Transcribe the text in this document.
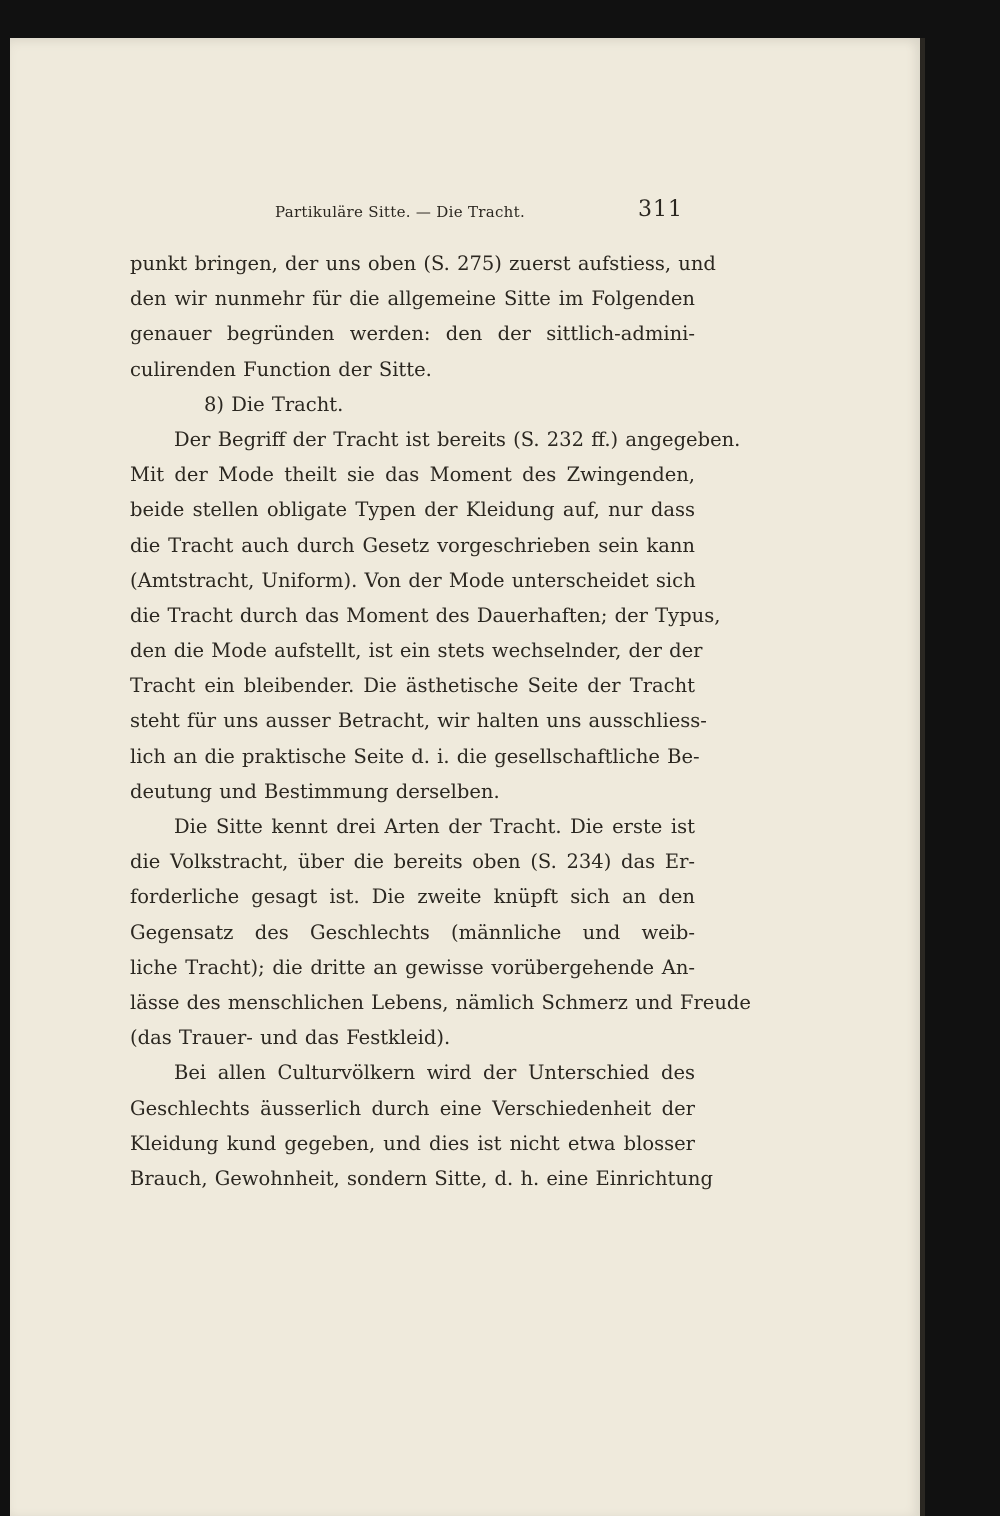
Partikuläre Sitte. — Die Tracht.	311
punkt bringen, der uns oben (S. 275) zuerst aufstiess, und
den wir nunmehr für die allgemeine Sitte im Folgenden
genauer begründen werden: den der sittlich-admini-
culirenden Function der Sitte.
8) Die Tracht.
Der Begriff der Tracht ist bereits (S. 232 ff.) angegeben.
Mit der Mode theilt sie das Moment des Zwingenden,
beide stellen obligate Typen der Kleidung auf, nur dass
die Tracht auch durch Gesetz vorgeschrieben sein kann
(Amtstracht, Uniform). Von der Mode unterscheidet sich
die Tracht durch das Moment des Dauerhaften; der Typus,
den die Mode aufstellt, ist ein stets wechselnder, der der
Tracht ein bleibender. Die ästhetische Seite der Tracht
steht für uns ausser Betracht, wir halten uns ausschliess-
lich an die praktische Seite d. i. die gesellschaftliche Be-
deutung und Bestimmung derselben.
Die Sitte kennt drei Arten der Tracht. Die erste ist
die Volkstracht, über die bereits oben (S. 234) das Er-
forderliche gesagt ist. Die zweite knüpft sich an den
Gegensatz des Geschlechts (männliche und weib-
liche Tracht); die dritte an gewisse vorübergehende An-
lässe des menschlichen Lebens, nämlich Schmerz und Freude
(das Trauer- und das Festkleid).
Bei allen Culturvölkern wird der Unterschied des
Geschlechts äusserlich durch eine Verschiedenheit der
Kleidung kund gegeben, und dies ist nicht etwa blosser
Brauch, Gewohnheit, sondern Sitte, d. h. eine Einrichtung
